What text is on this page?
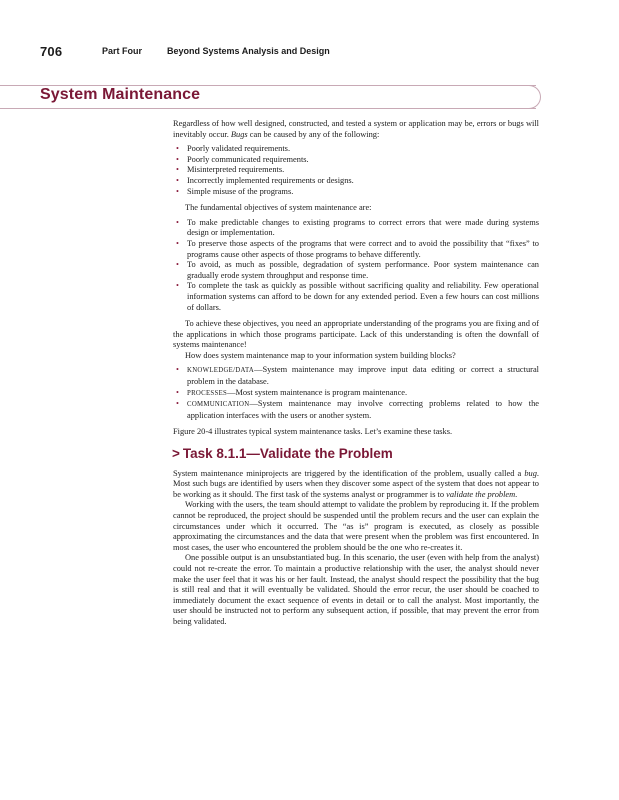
706	Part Four	Beyond Systems Analysis and Design
System Maintenance

Regardless of how well designed, constructed, and tested a system or application may be, errors or bugs will inevitably occur. Bugs can be caused by any of the following:

• Poorly validated requirements.
• Poorly communicated requirements.
• Misinterpreted requirements.
• Incorrectly implemented requirements or designs.
• Simple misuse of the programs.

The fundamental objectives of system maintenance are:

• To make predictable changes to existing programs to correct errors that were made during systems design or implementation.
• To preserve those aspects of the programs that were correct and to avoid the possibility that “fixes” to programs cause other aspects of those programs to behave differently.
• To avoid, as much as possible, degradation of system performance. Poor system maintenance can gradually erode system throughput and response time.
• To complete the task as quickly as possible without sacrificing quality and reliability. Few operational information systems can afford to be down for any extended period. Even a few hours can cost millions of dollars.

To achieve these objectives, you need an appropriate understanding of the programs you are fixing and of the applications in which those programs participate. Lack of this understanding is often the downfall of systems maintenance!

How does system maintenance map to your information system building blocks?

• KNOWLEDGE/DATA—System maintenance may improve input data editing or correct a structural problem in the database.
• PROCESSES—Most system maintenance is program maintenance.
• COMMUNICATION—System maintenance may involve correcting problems related to how the application interfaces with the users or another system.

Figure 20-4 illustrates typical system maintenance tasks. Let’s examine these tasks.

> Task 8.1.1—Validate the Problem

System maintenance miniprojects are triggered by the identification of the problem, usually called a bug. Most such bugs are identified by users when they discover some aspect of the system that does not appear to be working as it should. The first task of the systems analyst or programmer is to validate the problem.

Working with the users, the team should attempt to validate the problem by reproducing it. If the problem cannot be reproduced, the project should be suspended until the problem recurs and the user can explain the circumstances under which it occurred. The “as is” program is executed, as closely as possible approximating the circumstances and the data that were present when the problem was first encountered. In most cases, the user who encountered the problem should be the one who re-creates it.

One possible output is an unsubstantiated bug. In this scenario, the user (even with help from the analyst) could not re-create the error. To maintain a productive relationship with the user, the analyst should never make the user feel that it was his or her fault. Instead, the analyst should respect the possibility that the bug is still real and that it will eventually be validated. Should the error recur, the user should be coached to immediately document the exact sequence of events in detail or to call the analyst. Most importantly, the user should be instructed not to perform any subsequent action, if possible, that may prevent the error from being validated.
